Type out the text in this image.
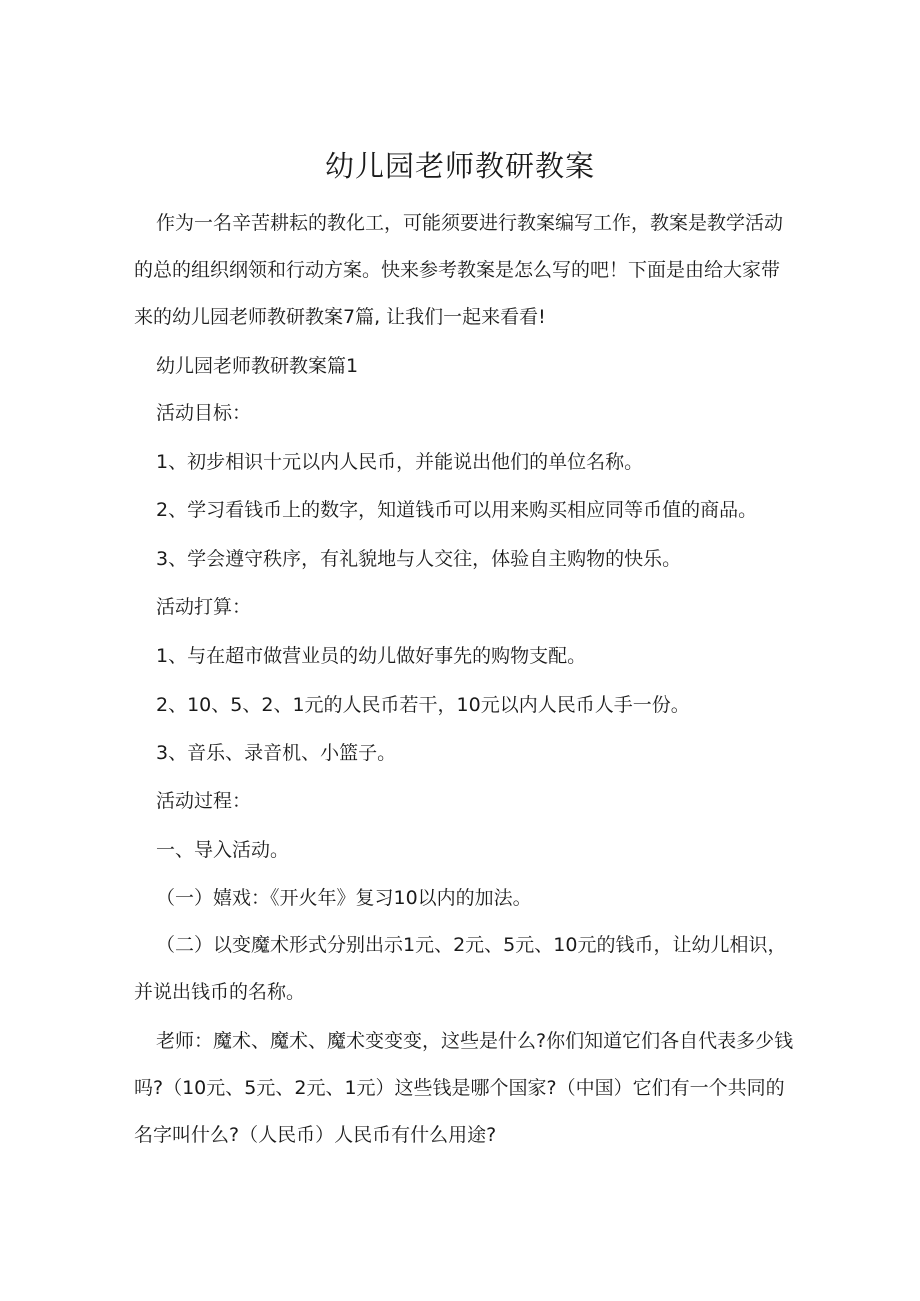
幼儿园老师教研教案

作为一名辛苦耕耘的教化工，可能须要进行教案编写工作，教案是教学活动的总的组织纲领和行动方案。快来参考教案是怎么写的吧！下面是由给大家带来的幼儿园老师教研教案7篇, 让我们一起来看看!

幼儿园老师教研教案篇1

活动目标：

1、初步相识十元以内人民币，并能说出他们的单位名称。

2、学习看钱币上的数字，知道钱币可以用来购买相应同等币值的商品。

3、学会遵守秩序，有礼貌地与人交往，体验自主购物的快乐。

活动打算：

1、与在超市做营业员的幼儿做好事先的购物支配。

2、10、5、2、1元的人民币若干，10元以内人民币人手一份。

3、音乐、录音机、小篮子。

活动过程：

一、导入活动。

（一）嬉戏：《开火年》复习10以内的加法。

（二）以变魔术形式分别出示1元、2元、5元、10元的钱币，让幼儿相识，并说出钱币的名称。

老师：魔术、魔术、魔术变变变，这些是什么?你们知道它们各自代表多少钱吗?（10元、5元、2元、1元）这些钱是哪个国家?（中国）它们有一个共同的名字叫什么?（人民币）人民币有什么用途?
